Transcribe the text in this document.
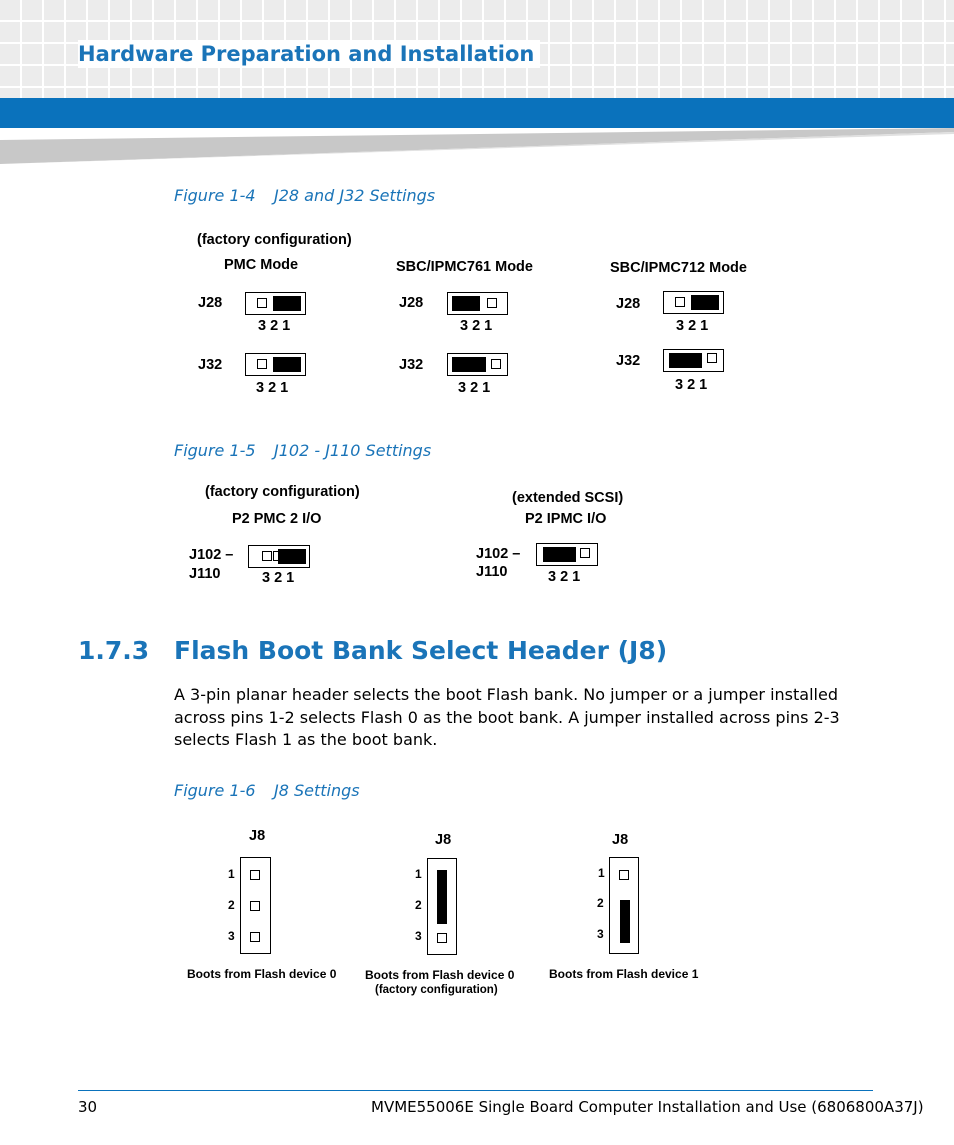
Hardware Preparation and Installation
Figure 1-4 J28 and J32 Settings
(factory configuration)
PMC Mode	SBC/IPMC761 Mode	SBC/IPMC712 Mode
J28
3 2 1
J32
3 2 1
J28
3 2 1
J32
3 2 1
J28
3 2 1
J32
3 2 1
Figure 1-5 J102 - J110 Settings
(factory configuration)
P2 PMC 2 I/O
(extended SCSI)
P2 IPMC I/O
J102 –
J110	3 2 1
J102 –
J110	3 2 1
1.7.3 Flash Boot Bank Select Header (J8)
A 3-pin planar header selects the boot Flash bank. No jumper or a jumper installed across pins 1-2 selects Flash 0 as the boot bank. A jumper installed across pins 2-3 selects Flash 1 as the boot bank.
Figure 1-6 J8 Settings
J8
1
2
3
Boots from Flash device 0
J8
1
2
3
Boots from Flash device 0
(factory configuration)
J8
1
2
3
Boots from Flash device 1
30	MVME55006E Single Board Computer Installation and Use (6806800A37J)
